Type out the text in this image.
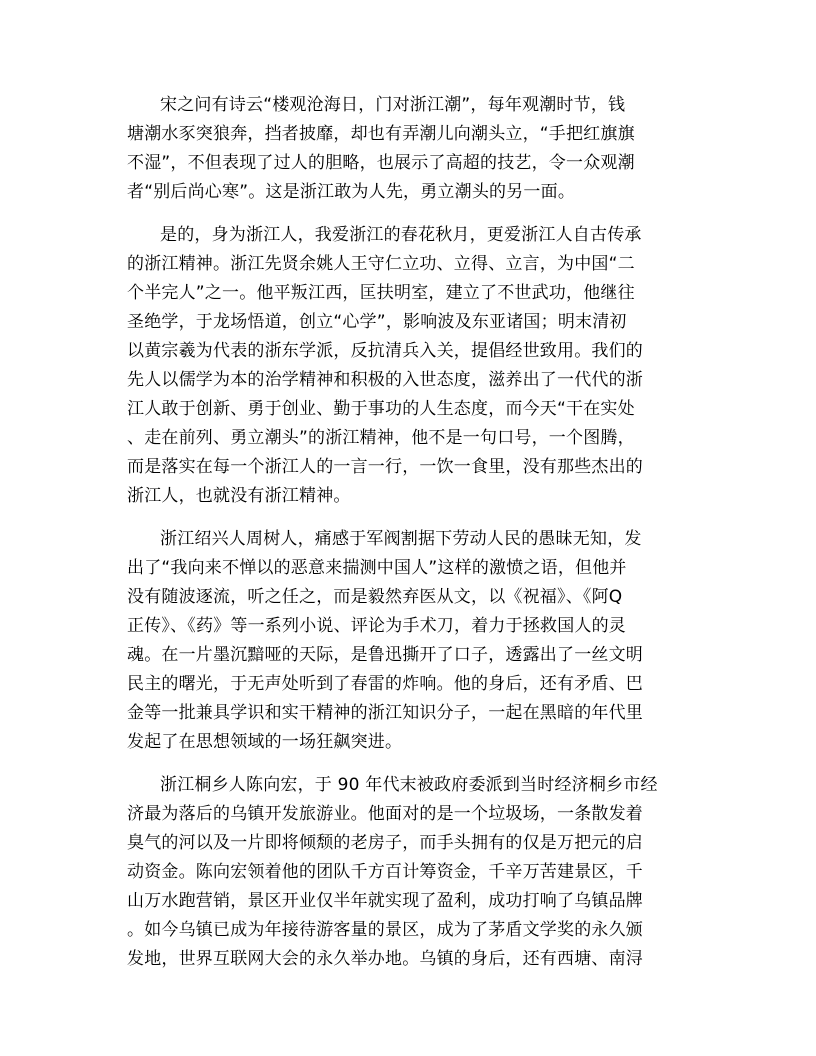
宋之问有诗云“楼观沧海日，门对浙江潮”，每年观潮时节，钱
塘潮水豕突狼奔，挡者披靡，却也有弄潮儿向潮头立，“手把红旗旗
不湿”，不但表现了过人的胆略，也展示了高超的技艺，令一众观潮
者“别后尚心寒”。这是浙江敢为人先，勇立潮头的另一面。
是的，身为浙江人，我爱浙江的春花秋月，更爱浙江人自古传承
的浙江精神。浙江先贤余姚人王守仁立功、立得、立言，为中国“二
个半完人”之一。他平叛江西，匡扶明室，建立了不世武功，他继往
圣绝学，于龙场悟道，创立“心学”，影响波及东亚诸国；明末清初
以黄宗羲为代表的浙东学派，反抗清兵入关，提倡经世致用。我们的
先人以儒学为本的治学精神和积极的入世态度，滋养出了一代代的浙
江人敢于创新、勇于创业、勤于事功的人生态度，而今天“干在实处
、走在前列、勇立潮头”的浙江精神，他不是一句口号，一个图腾，
而是落实在每一个浙江人的一言一行，一饮一食里，没有那些杰出的
浙江人，也就没有浙江精神。
浙江绍兴人周树人，痛感于军阀割据下劳动人民的愚昧无知，发
出了“我向来不惮以的恶意来揣测中国人”这样的激愤之语，但他并
没有随波逐流，听之任之，而是毅然弃医从文，以《祝福》、《阿Q
正传》、《药》等一系列小说、评论为手术刀，着力于拯救国人的灵
魂。在一片墨沉黯哑的天际，是鲁迅撕开了口子，透露出了一丝文明
民主的曙光，于无声处听到了春雷的炸响。他的身后，还有矛盾、巴
金等一批兼具学识和实干精神的浙江知识分子，一起在黑暗的年代里
发起了在思想领域的一场狂飙突进。
浙江桐乡人陈向宏，于 90 年代末被政府委派到当时经济桐乡市经
济最为落后的乌镇开发旅游业。他面对的是一个垃圾场，一条散发着
臭气的河以及一片即将倾颓的老房子，而手头拥有的仅是万把元的启
动资金。陈向宏领着他的团队千方百计筹资金，千辛万苦建景区，千
山万水跑营销，景区开业仅半年就实现了盈利，成功打响了乌镇品牌
。如今乌镇已成为年接待游客量的景区，成为了茅盾文学奖的永久颁
发地，世界互联网大会的永久举办地。乌镇的身后，还有西塘、南浔
